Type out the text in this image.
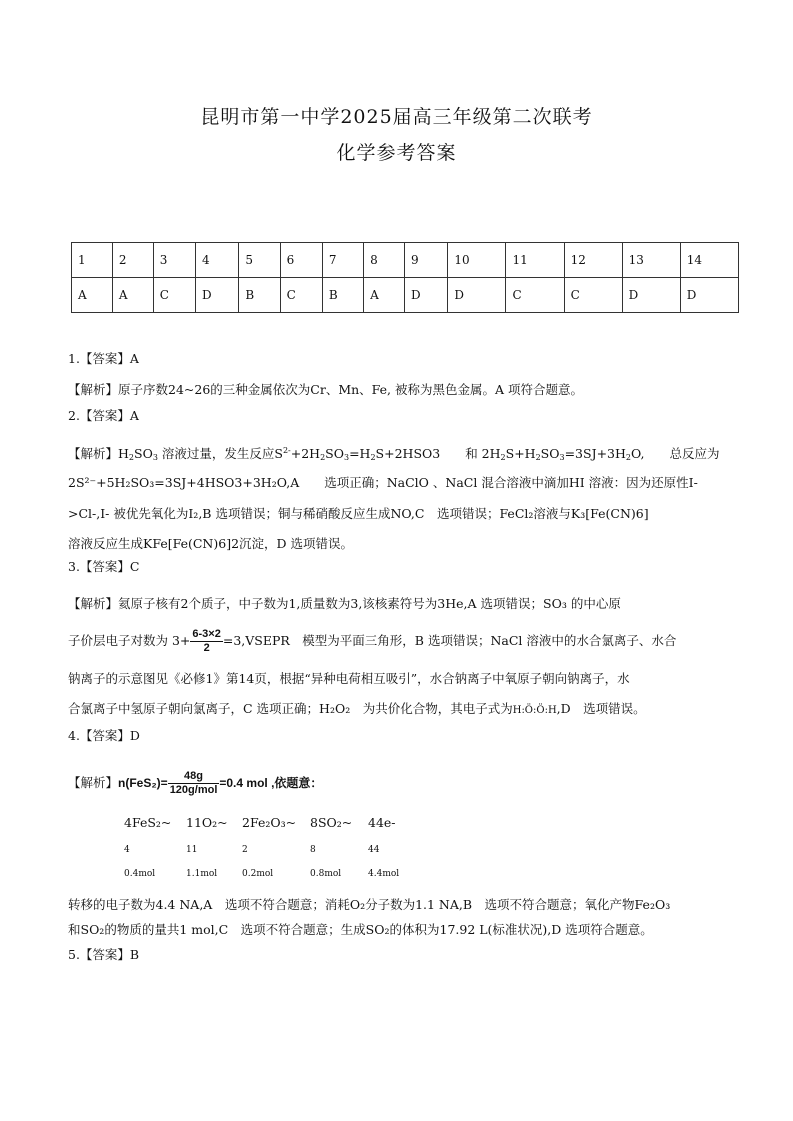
昆明市第一中学2025届高三年级第二次联考
化学参考答案
1	2	3	4	5	6	7	8	9	10	11	12	13	14
A	A	C	D	B	C	B	A	D	D	C	C	D	D
1.【答案】A
【解析】原子序数24~26的三种金属依次为Cr、Mn、Fe, 被称为黑色金属。A 项符合题意。
2.【答案】A
【解析】$H_2SO_3$ 溶液过量，发生反应$S^{2-}+2H_2SO_3=H_2S+2HSO3$　　和 $2H_2S+H_2SO_3=3SJ+3H_2O$,　　总反应为
2S²⁻+5H₂SO₃=3SJ+4HSO3+3H₂O,A　　选项正确；NaClO 、NaCl 混合溶液中滴加HI 溶液：因为还原性I-
>Cl-,I- 被优先氧化为I₂,B 选项错误；铜与稀硝酸反应生成NO,C　选项错误；FeCl₂溶液与K₃[Fe(CN)6]
溶液反应生成KFe[Fe(CN)6]2沉淀，D 选项错误。
3.【答案】C
【解析】氦原子核有2个质子，中子数为1,质量数为3,该核素符号为3He,A 选项错误；SO₃ 的中心原
子价层电子对数为 $3+ \frac{6-3\times 2}{2}$ =3,VSEPR　模型为平面三角形，B 选项错误；NaCl 溶液中的水合氯离子、水合
钠离子的示意图见《必修1》第14页，根据“异种电荷相互吸引”，水合钠离子中氧原子朝向钠离子，水
合氯离子中氢原子朝向氯离子，C 选项正确；H₂O₂　为共价化合物，其电子式为H:Ö:Ö:H,D　选项错误。
4.【答案】D
【解析】$n(FeS_2)= \frac{48g}{\text{120g/mol}} =0.4$ mol ,依题意：
4FeS₂~ 11O₂~ 2Fe₂O₃~ 8SO₂~ 44e-
4	11	2	8	44
0.4mol	1.1mol	0.2mol	0.8mol	4.4mol
转移的电子数为4.4 NA,A　选项不符合题意；消耗O₂分子数为1.1 NA,B　选项不符合题意；氧化产物Fe₂O₃
和SO₂的物质的量共1 mol,C　选项不符合题意；生成SO₂的体积为17.92 L(标准状况),D 选项符合题意。
5.【答案】B
